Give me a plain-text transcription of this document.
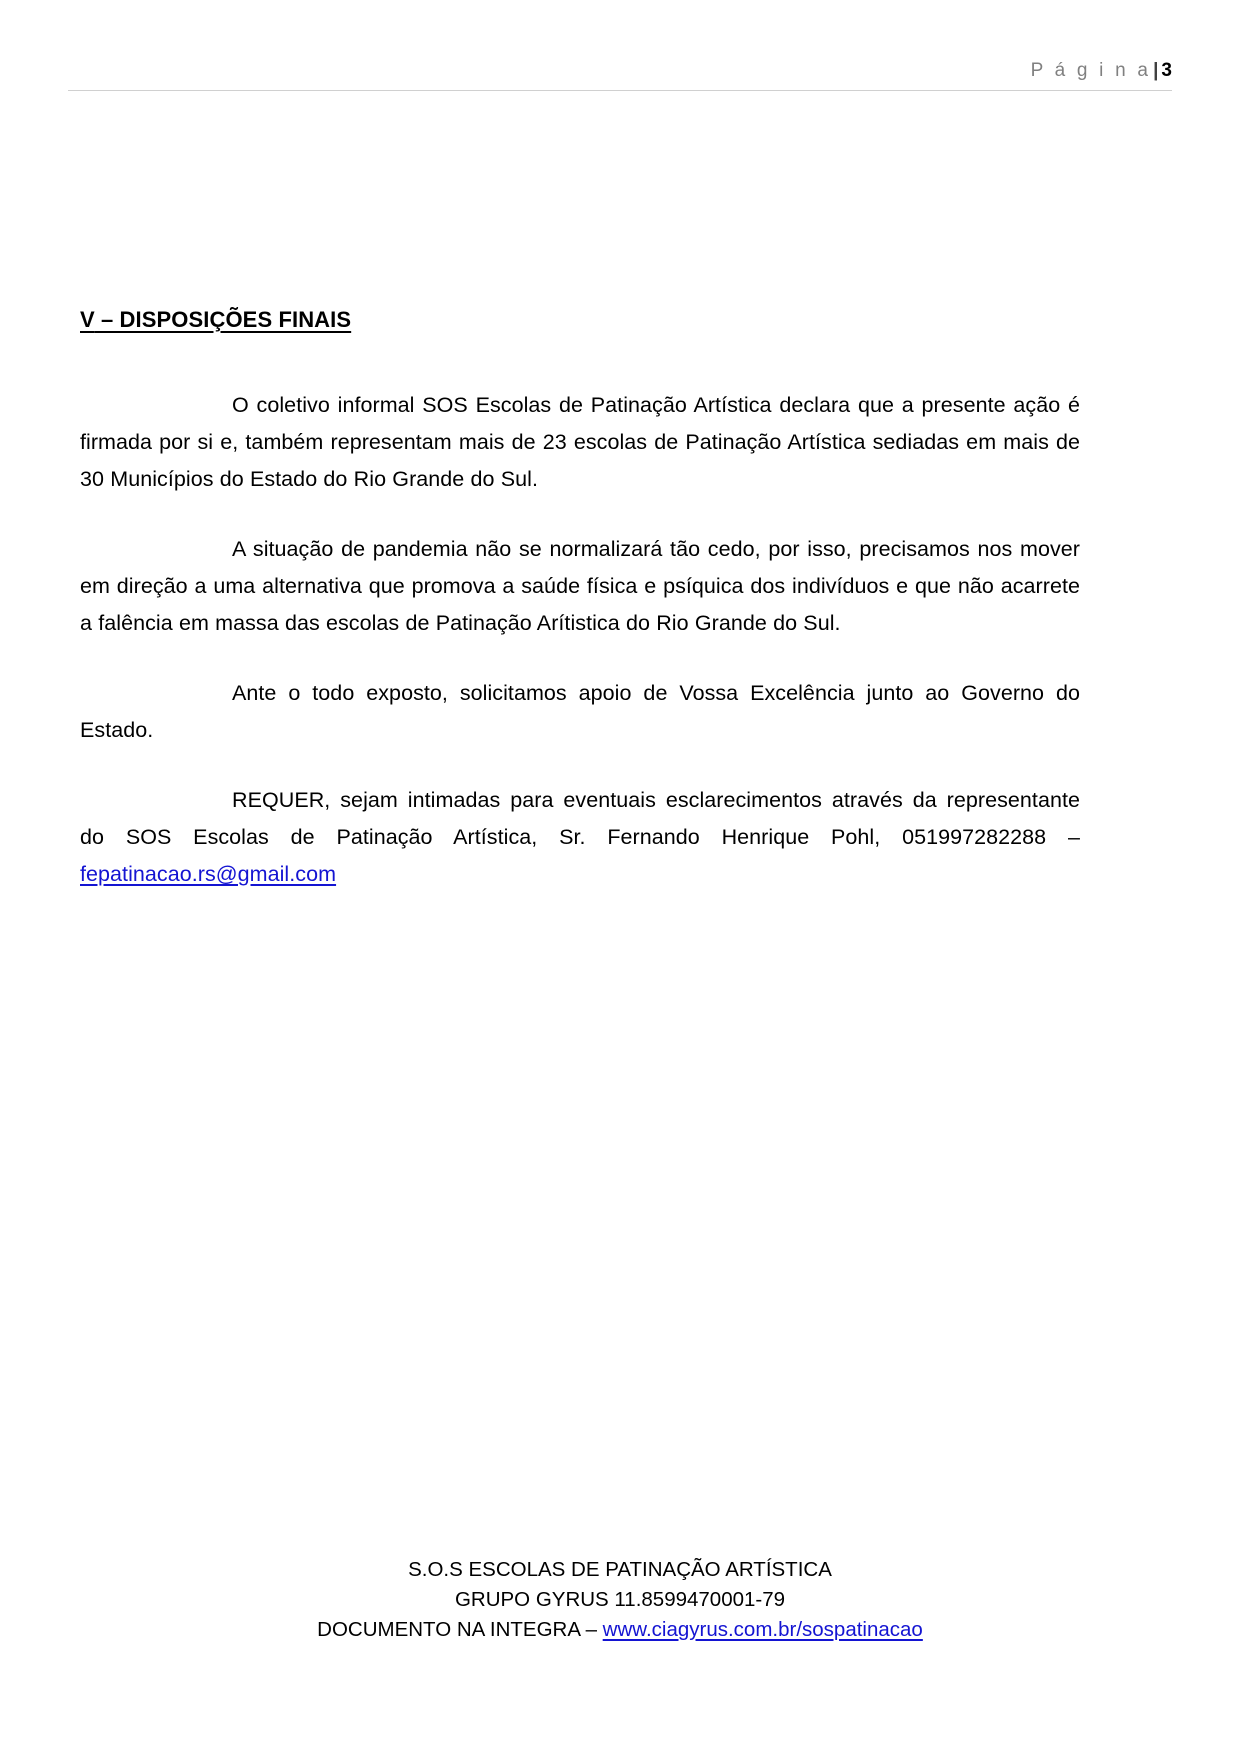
P á g i n a | 3
V – DISPOSIÇÕES FINAIS

O coletivo informal SOS Escolas de Patinação Artística declara que a presente ação é firmada por si e, também representam mais de 23 escolas de Patinação Artística sediadas em mais de 30 Municípios do Estado do Rio Grande do Sul.

A situação de pandemia não se normalizará tão cedo, por isso, precisamos nos mover em direção a uma alternativa que promova a saúde física e psíquica dos indivíduos e que não acarrete a falência em massa das escolas de Patinação Arítistica do Rio Grande do Sul.

Ante o todo exposto, solicitamos apoio de Vossa Excelência junto ao Governo do Estado.

REQUER, sejam intimadas para eventuais esclarecimentos através da representante do SOS Escolas de Patinação Artística, Sr. Fernando Henrique Pohl, 051997282288 – fepatinacao.rs@gmail.com

S.O.S ESCOLAS DE PATINAÇÃO ARTÍSTICA
GRUPO GYRUS 11.8599470001-79
DOCUMENTO NA INTEGRA – www.ciagyrus.com.br/sospatinacao
